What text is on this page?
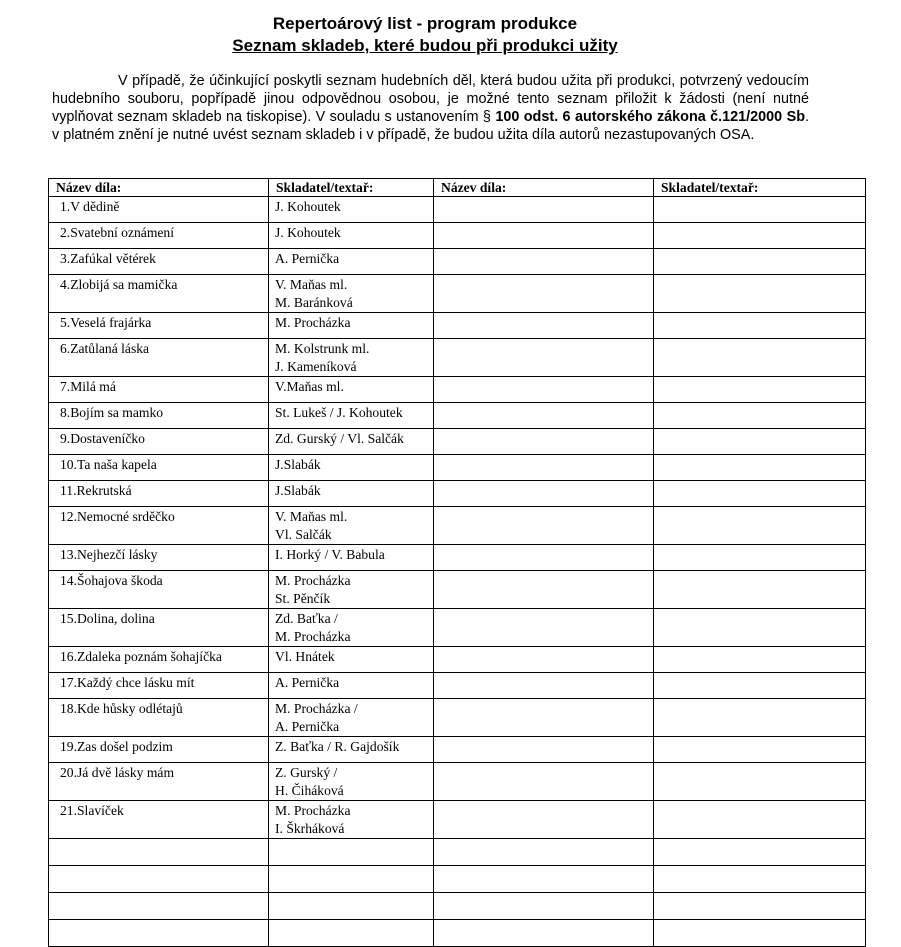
Repertoárový list - program produkce
Seznam skladeb, které budou při produkci užity

V případě, že účinkující poskytli seznam hudebních děl, která budou užita při produkci, potvrzený vedoucím hudebního souboru, popřípadě jinou odpovědnou osobou, je možné tento seznam přiložit k žádosti (není nutné vyplňovat seznam skladeb na tiskopise). V souladu s ustanovením § 100 odst. 6 autorského zákona č.121/2000 Sb. v platném znění je nutné uvést seznam skladeb i v případě, že budou užita díla autorů nezastupovaných OSA.

Název díla:	Skladatel/textař:	Název díla:	Skladatel/textař:
1.V dědině	J. Kohoutek		

2.Svatební oznámení	J. Kohoutek		

3.Zafúkal větérek	A. Pernička		

4.Zlobijá sa mamička	V. Maňas ml.
M. Baránková		

5.Veselá frajárka	M. Procházka		

6.Zatůlaná láska	M. Kolstrunk ml.
J. Kameníková		

7.Milá má	V.Maňas ml.		

8.Bojím sa mamko	St. Lukeš / J. Kohoutek		

9.Dostaveníčko	Zd. Gurský / Vl. Salčák		

10.Ta naša kapela	J.Slabák		

11.Rekrutská	J.Slabák		

12.Nemocné srděčko	V. Maňas ml.
Vl. Salčák		

13.Nejhezčí lásky	I. Horký / V. Babula		

14.Šohajova škoda	M. Procházka
St. Pěnčík		

15.Dolina, dolina	Zd. Baťka /
M. Procházka		

16.Zdaleka poznám šohajíčka	Vl. Hnátek		

17.Každý chce lásku mít	A. Pernička		

18.Kde hůsky odlétajů	M. Procházka /
A. Pernička		

19.Zas došel podzim	Z. Baťka / R. Gajdošík		

20.Já dvě lásky mám	Z. Gurský /
H. Čiháková		

21.Slavíček	M. Procházka
I. Škrháková		
